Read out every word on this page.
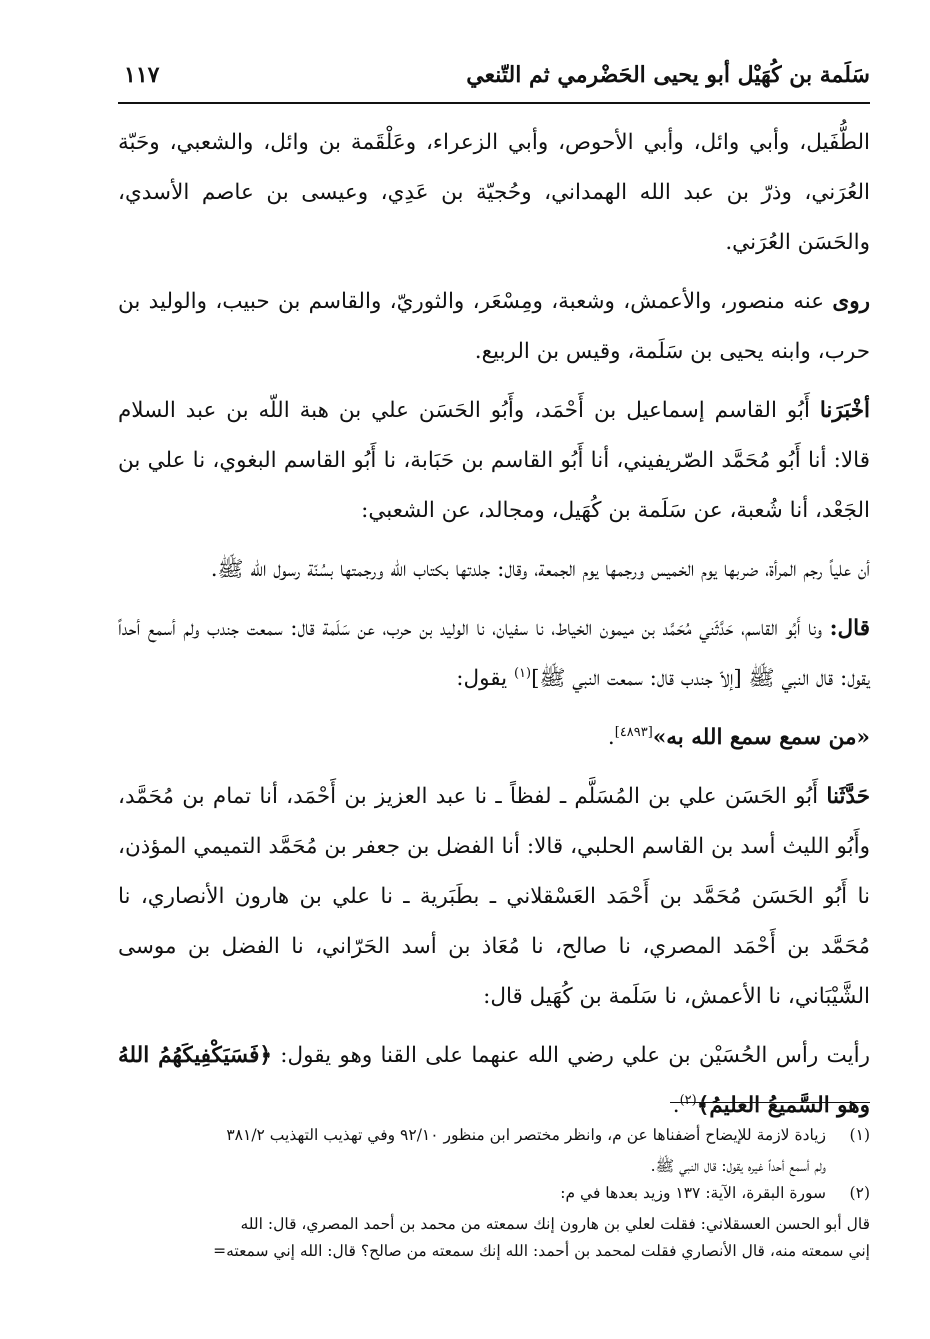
سَلَمة بن كُهَيْل أبو يحيى الحَضْرمي ثم التّنعي
١١٧

الطُّفَيل، وأبي وائل، وأبي الأحوص، وأبي الزعراء، وعَلْقَمة بن وائل، والشعبي، وحَبّة العُرَني، وذرّ بن عبد الله الهمداني، وحُجيّة بن عَدِي، وعيسى بن عاصم الأسدي، والحَسَن العُرَني.

روى عنه منصور، والأعمش، وشعبة، ومِسْعَر، والثوريّ، والقاسم بن حبيب، والوليد بن حرب، وابنه يحيى بن سَلَمة، وقيس بن الربيع.

أخْبَرَنا أَبُو القاسم إسماعيل بن أَحْمَد، وأَبُو الحَسَن علي بن هبة اللّه بن عبد السلام قالا: أنا أَبُو مُحَمَّد الصّريفيني، أنا أَبُو القاسم بن حَبَابة، نا أَبُو القاسم البغوي، نا علي بن الجَعْد، أنا شُعبة، عن سَلَمة بن كُهَيل، ومجالد، عن الشعبي:

أن علياً رجم المرأة، ضربها يوم الخميس ورجمها يوم الجمعة، وقال: جلدتها بكتاب الله ورجمتها بسُنّة رسول الله ﷺ.

قال: ونا أَبُو القاسم، حَدَّثَني مُحَمَّد بن ميمون الخياط، نا سفيان، نا الوليد بن حرب، عن سَلَمة قال: سمعت جندب ولم أسمع أحداً يقول: قال النبي ﷺ [إلاّ جندب قال: سمعت النبي ﷺ]$^{(١)}$ يقول:

«من سمع سمع الله به»[٤٨٩٣].

حَدَّثَنا أَبُو الحَسَن علي بن المُسَلَّم ـ لفظاً ـ نا عبد العزيز بن أَحْمَد، أنا تمام بن مُحَمَّد، وأَبُو الليث أسد بن القاسم الحلبي، قالا: أنا الفضل بن جعفر بن مُحَمَّد التميمي المؤذن، نا أَبُو الحَسَن مُحَمَّد بن أَحْمَد العَسْقلاني ـ بطَبَرية ـ نا علي بن هارون الأنصاري، نا مُحَمَّد بن أَحْمَد المصري، نا صالح، نا مُعَاذ بن أسد الحَرّاني، نا الفضل بن موسى الشَّيْبَاني، نا الأعمش، نا سَلَمة بن كُهَيل قال:

رأيت رأس الحُسَيْن بن علي رضي الله عنهما على القنا وهو يقول: ﴿فَسَيَكْفِيكَهُمُ اللهُ وهو السَّميعُ العليمُ﴾$^{(٢)}$.

(١)زيادة لازمة للإيضاح أضفناها عن م، وانظر مختصر ابن منظور ٩٢/١٠ وفي تهذيب التهذيب ٣٨١/٢

ولم أسمع أحداً غيره يقول: قال النبي ﷺ.

(٢)سورة البقرة، الآية: ١٣٧ وزيد بعدها في م:

قال أبو الحسن العسقلاني: فقلت لعلي بن هارون إنك سمعته من محمد بن أحمد المصري، قال: الله

إني سمعته منه، قال الأنصاري فقلت لمحمد بن أحمد: الله إنك سمعته من صالح؟ قال: الله إني سمعته=
